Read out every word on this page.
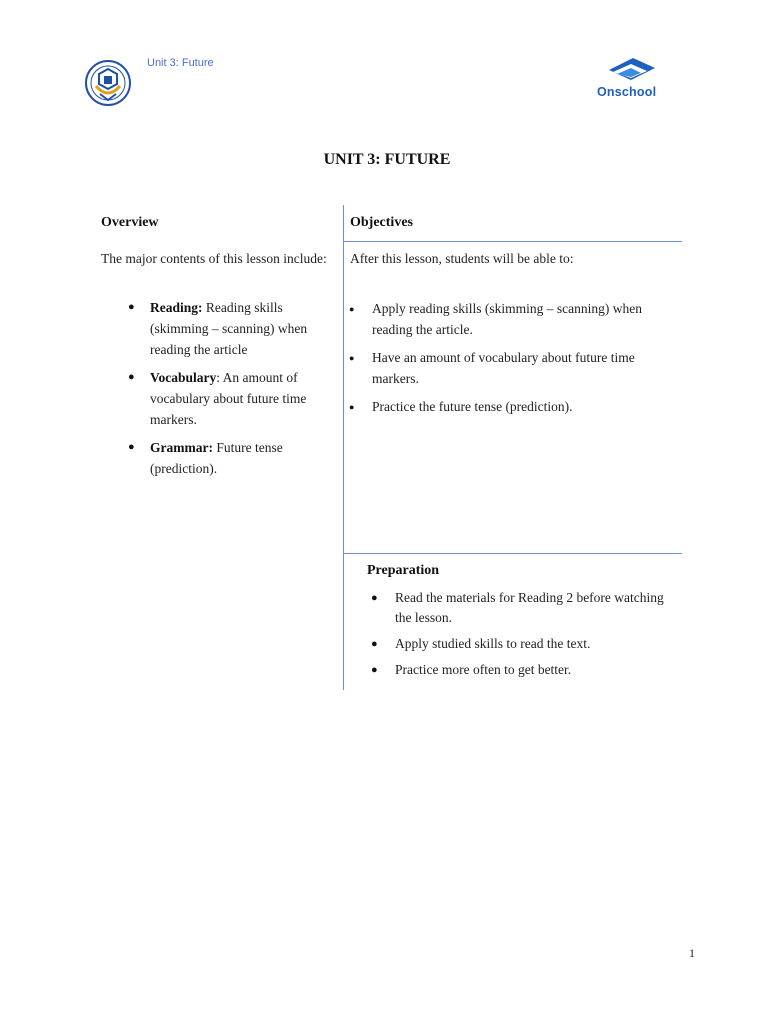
Unit 3: Future
Onschool
UNIT 3: FUTURE
Overview
The major contents of this lesson include:
● Reading: Reading skills (skimming – scanning) when reading the article
● Vocabulary: An amount of vocabulary about future time markers.
● Grammar: Future tense (prediction).
Objectives
After this lesson, students will be able to:
● Apply reading skills (skimming – scanning) when reading the article.
● Have an amount of vocabulary about future time markers.
● Practice the future tense (prediction).
Preparation
● Read the materials for Reading 2 before watching the lesson.
● Apply studied skills to read the text.
● Practice more often to get better.
1
